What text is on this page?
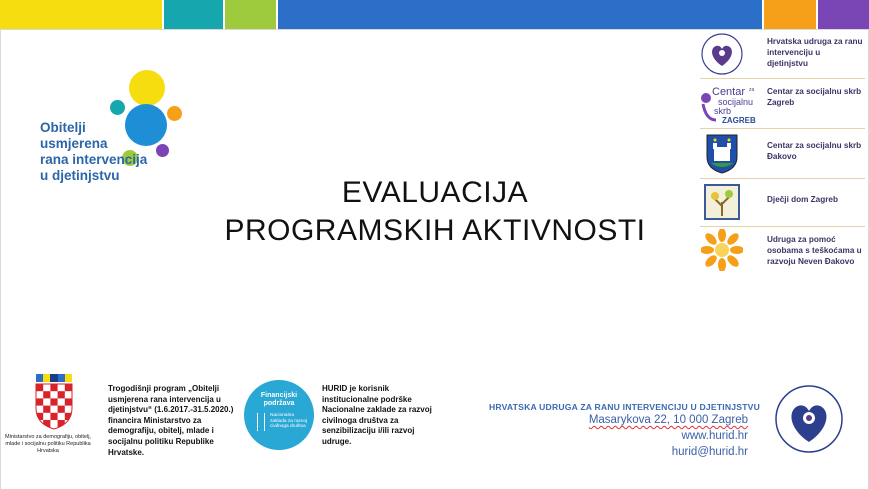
Obitelji
usmjerena
rana intervencija
u djetinjstvu
EVALUACIJA
PROGRAMSKIH AKTIVNOSTI
Hrvatska udruga za ranu intervenciju u djetinjstvu
Centar za
socijalnu
skrb
ZAGREB
Centar za socijalnu skrb Zagreb
Centar za socijalnu skrb Đakovo
Dječji dom Zagreb
Udruga za pomoć osobama s teškoćama u razvoju Neven Đakovo
Ministarstvo za demografiju, obitelj, mlade i socijalnu politiku Republika Hrvatska
Trogodišnji program „Obitelji usmjerena rana intervencija u djetinjstvu“ (1.6.2017.-31.5.2020.) financira Ministarstvo za demografiju, obitelj, mlade i socijalnu politiku Republike Hrvatske.
Financijski podržava
Nacionalna zaklada za razvoj civilnoga društva
HURID je korisnik institucionalne podrške Nacionalne zaklade za razvoj civilnoga društva za senzibilizaciju i/ili razvoj udruge.
HRVATSKA UDRUGA ZA RANU INTERVENCIJU U DJETINJSTVU
Masarykova 22, 10 000 Zagreb
www.hurid.hr
hurid@hurid.hr
